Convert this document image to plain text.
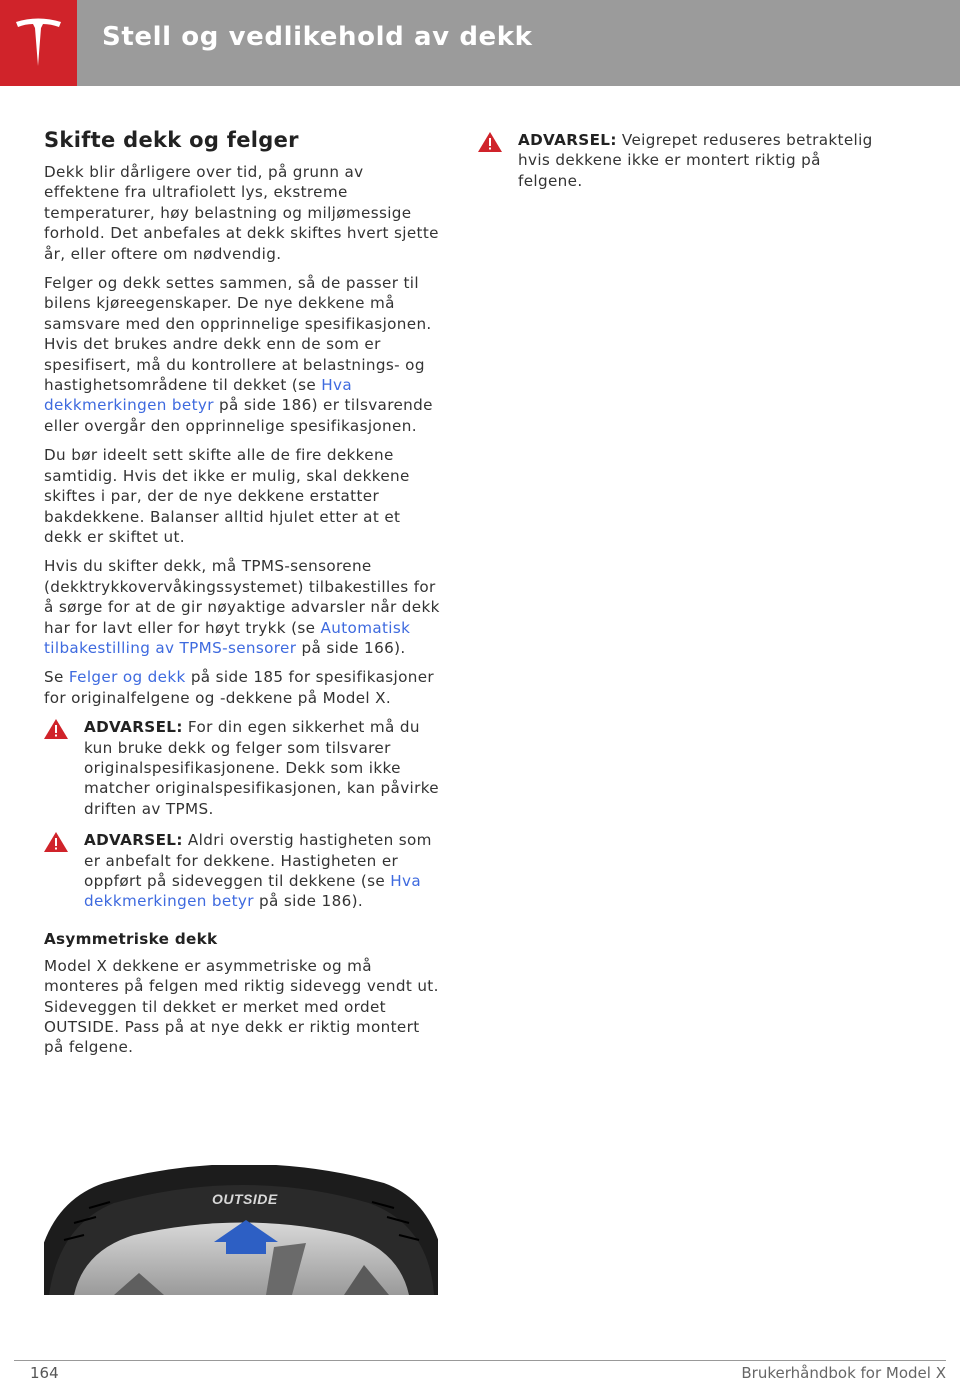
Stell og vedlikehold av dekk
Skifte dekk og felger

Dekk blir dårligere over tid, på grunn av effektene fra ultrafiolett lys, ekstreme temperaturer, høy belastning og miljømessige forhold. Det anbefales at dekk skiftes hvert sjette år, eller oftere om nødvendig.

Felger og dekk settes sammen, så de passer til bilens kjøreegenskaper. De nye dekkene må samsvare med den opprinnelige spesifikasjonen. Hvis det brukes andre dekk enn de som er spesifisert, må du kontrollere at belastnings- og hastighetsområdene til dekket (se Hva dekkmerkingen betyr på side 186) er tilsvarende eller overgår den opprinnelige spesifikasjonen.

Du bør ideelt sett skifte alle de fire dekkene samtidig. Hvis det ikke er mulig, skal dekkene skiftes i par, der de nye dekkene erstatter bakdekkene. Balanser alltid hjulet etter at et dekk er skiftet ut.

Hvis du skifter dekk, må TPMS-sensorene (dekktrykkovervåkingssystemet) tilbakestilles for å sørge for at de gir nøyaktige advarsler når dekk har for lavt eller for høyt trykk (se Automatisk tilbakestilling av TPMS-sensorer på side 166).

Se Felger og dekk på side 185 for spesifikasjoner for originalfelgene og -dekkene på Model X.

ADVARSEL: For din egen sikkerhet må du kun bruke dekk og felger som tilsvarer originalspesifikasjonene. Dekk som ikke matcher originalspesifikasjonen, kan påvirke driften av TPMS.

ADVARSEL: Aldri overstig hastigheten som er anbefalt for dekkene. Hastigheten er oppført på sideveggen til dekkene (se Hva dekkmerkingen betyr på side 186).

Asymmetriske dekk

Model X dekkene er asymmetriske og må monteres på felgen med riktig sidevegg vendt ut. Sideveggen til dekket er merket med ordet OUTSIDE. Pass på at nye dekk er riktig montert på felgene.

OUTSIDE

ADVARSEL: Veigrepet reduseres betraktelig hvis dekkene ikke er montert riktig på felgene.

164	Brukerhåndbok for Model X
